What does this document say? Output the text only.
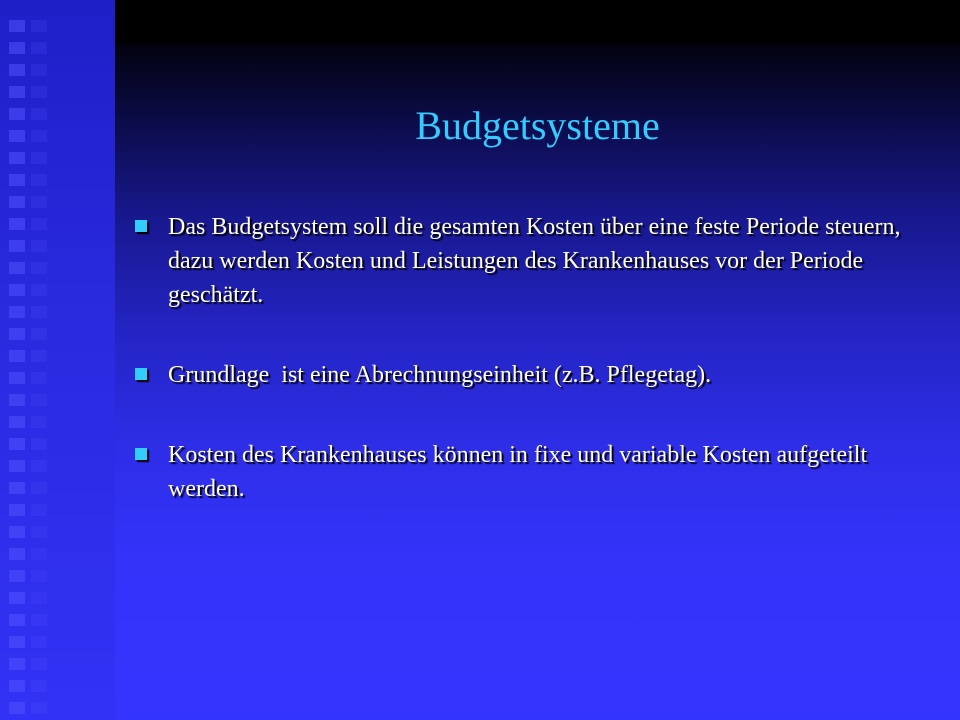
Budgetsysteme
Das Budgetsystem soll die gesamten Kosten über eine feste Periode steuern, dazu werden Kosten und Leistungen des Krankenhauses vor der Periode geschätzt.
Grundlage  ist eine Abrechnungseinheit (z.B. Pflegetag).
Kosten des Krankenhauses können in fixe und variable Kosten aufgeteilt werden.
